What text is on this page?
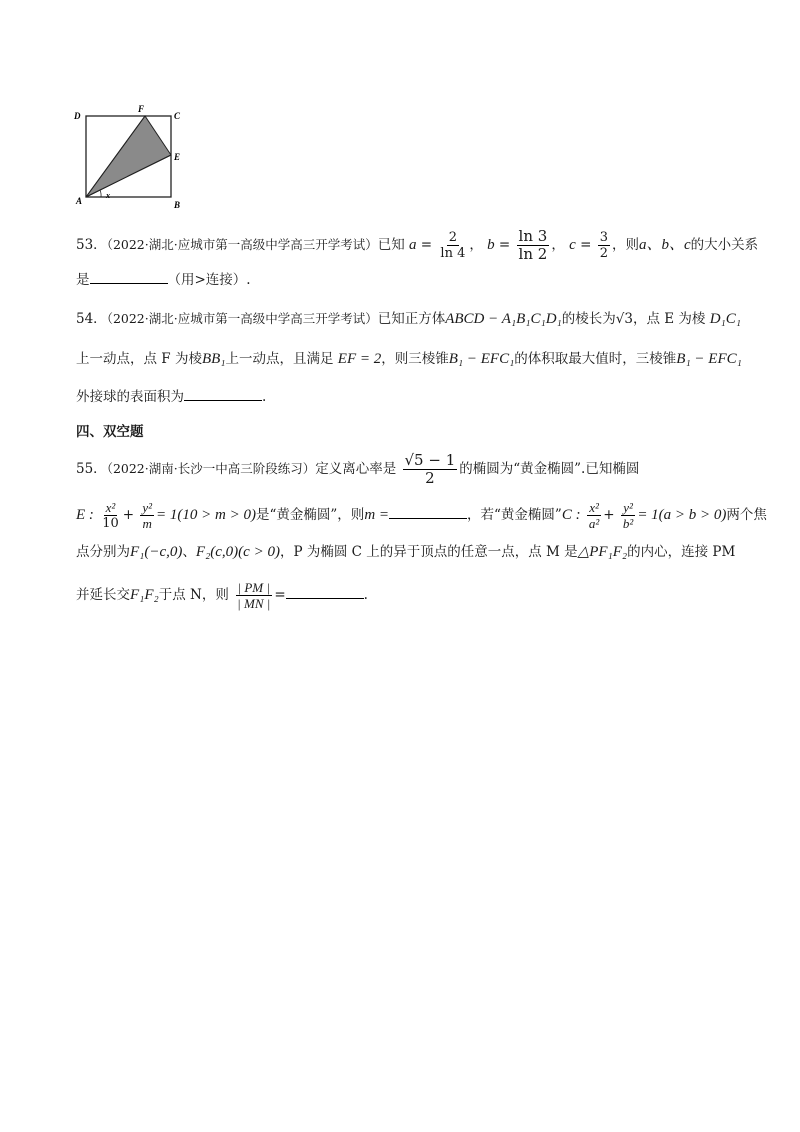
D
F
C
E
A	B
x
53．（2022·湖北·应城市第一高级中学高三开学考试）已知 $a = \frac{2}{\ln 4}$ ， $b = \frac{\ln 3}{\ln 2}$ ， $c = \frac{3}{2}$ ，则a、b、c的大小关系
是	（用>连接）.
54．（2022·湖北·应城市第一高级中学高三开学考试）已知正方体ABCD − A₁B₁C₁D₁的棱长为√3，点 E 为棱 D₁C₁
上一动点，点 F 为棱BB₁上一动点，且满足 EF = 2，则三棱锥B₁ − EFC₁的体积取最大值时，三棱锥B₁ − EFC₁
外接球的表面积为	.
四、双空题
55．（2022·湖南·长沙一中高三阶段练习）定义离心率是 $\frac{√5 - 1}{2}$ 的椭圆为“黄金椭圆”.已知椭圆
E : $\frac{\text{x²}}{10} + \frac{\text{y²}}{m} = 1(10 > m > 0)$是“黄金椭圆”，则m =	，若“黄金椭圆”C : $\frac{\text{x²}}{\text{a²}} + \frac{\text{y²}}{\text{b²}} = 1(a > b > 0)$两个焦
点分别为F₁(−c,0)、F₂(c,0)(c > 0)，P 为椭圆 C 上的异于顶点的任意一点，点 M 是△PF₁F₂的内心，连接 PM
并延长交F₁F₂于点 N，则 $\frac{| PM |}{| MN |}$ =	.
